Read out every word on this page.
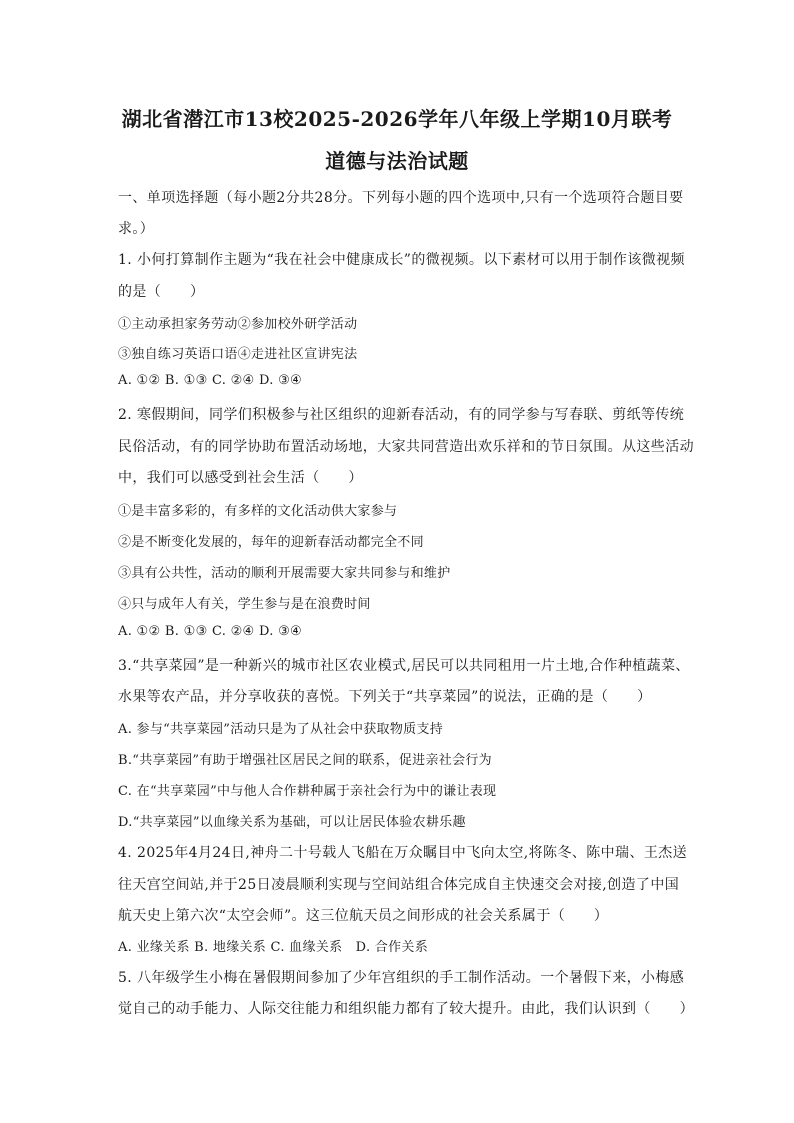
湖北省潜江市13校2025-2026学年八年级上学期10月联考
道德与法治试题
一、单项选择题（每小题2分共28分。下列每小题的四个选项中,只有一个选项符合题目要
求。）
1. 小何打算制作主题为“我在社会中健康成长”的微视频。以下素材可以用于制作该微视频
的是（　　）
①主动承担家务劳动②参加校外研学活动
③独自练习英语口语④走进社区宣讲宪法
A. ①② B. ①③ C. ②④ D. ③④
2. 寒假期间，同学们积极参与社区组织的迎新春活动，有的同学参与写春联、剪纸等传统
民俗活动，有的同学协助布置活动场地，大家共同营造出欢乐祥和的节日氛围。从这些活动
中，我们可以感受到社会生活（　　）
①是丰富多彩的，有多样的文化活动供大家参与
②是不断变化发展的，每年的迎新春活动都完全不同
③具有公共性，活动的顺利开展需要大家共同参与和维护
④只与成年人有关，学生参与是在浪费时间
A. ①② B. ①③ C. ②④ D. ③④
3.“共享菜园”是一种新兴的城市社区农业模式,居民可以共同租用一片土地,合作种植蔬菜、
水果等农产品，并分享收获的喜悦。下列关于“共享菜园”的说法，正确的是（　　）
A. 参与“共享菜园”活动只是为了从社会中获取物质支持
B.“共享菜园”有助于增强社区居民之间的联系，促进亲社会行为
C. 在“共享菜园”中与他人合作耕种属于亲社会行为中的谦让表现
D.“共享菜园”以血缘关系为基础，可以让居民体验农耕乐趣
4. 2025年4月24日,神舟二十号载人飞船在万众瞩目中飞向太空,将陈冬、陈中瑞、王杰送
往天宫空间站,并于25日凌晨顺利实现与空间站组合体完成自主快速交会对接,创造了中国
航天史上第六次“太空会师”。这三位航天员之间形成的社会关系属于（　　）
A. 业缘关系 B. 地缘关系 C. 血缘关系　D. 合作关系
5. 八年级学生小梅在暑假期间参加了少年宫组织的手工制作活动。一个暑假下来，小梅感
觉自己的动手能力、人际交往能力和组织能力都有了较大提升。由此，我们认识到（　　）
